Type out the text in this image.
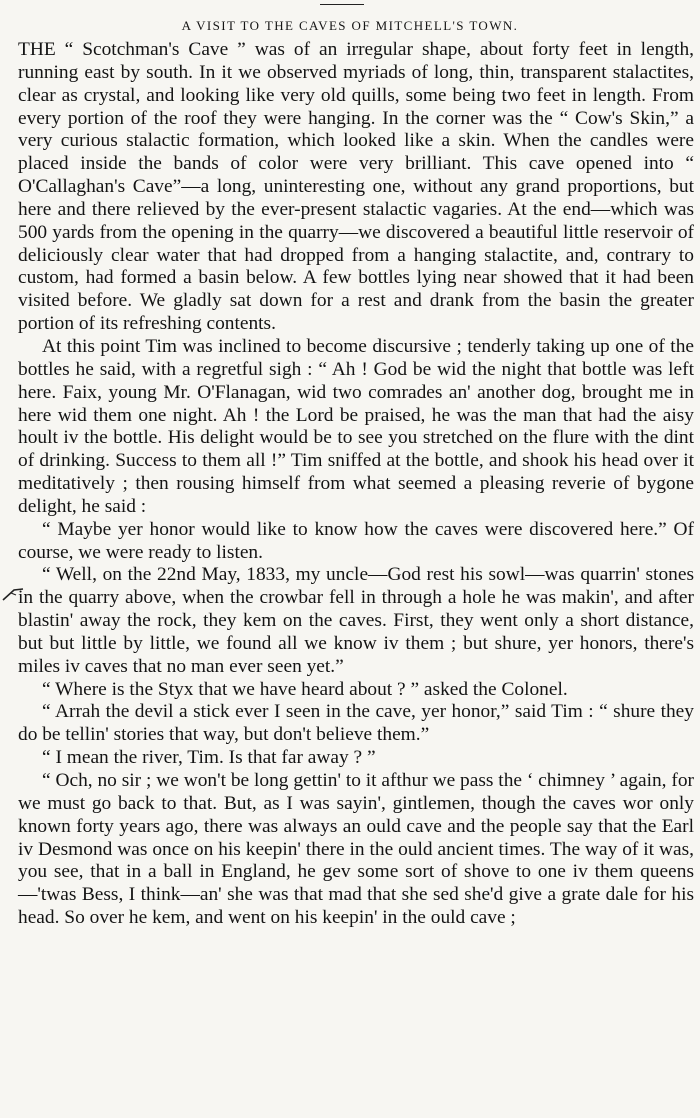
A VISIT TO THE CAVES OF MITCHELL'S TOWN.

THE “ Scotchman's Cave ” was of an irregular shape, about forty feet in length, running east by south. In it we observed myriads of long, thin, transparent stalactites, clear as crystal, and looking like very old quills, some being two feet in length. From every portion of the roof they were hanging. In the corner was the “ Cow's Skin,” a very curious stalactic formation, which looked like a skin. When the candles were placed inside the bands of color were very brilliant. This cave opened into “ O'Callaghan's Cave”—a long, uninteresting one, without any grand proportions, but here and there relieved by the ever-present stalactic vagaries. At the end—which was 500 yards from the opening in the quarry—we discovered a beautiful little reservoir of deliciously clear water that had dropped from a hanging stalactite, and, contrary to custom, had formed a basin below. A few bottles lying near showed that it had been visited before. We gladly sat down for a rest and drank from the basin the greater portion of its refreshing contents.

At this point Tim was inclined to become discursive ; tenderly taking up one of the bottles he said, with a regretful sigh : “ Ah ! God be wid the night that bottle was left here. Faix, young Mr. O'Flanagan, wid two comrades an' another dog, brought me in here wid them one night. Ah ! the Lord be praised, he was the man that had the aisy hoult iv the bottle. His delight would be to see you stretched on the flure with the dint of drinking. Success to them all !” Tim sniffed at the bottle, and shook his head over it meditatively ; then rousing himself from what seemed a pleasing reverie of bygone delight, he said :

“ Maybe yer honor would like to know how the caves were discovered here.” Of course, we were ready to listen.

“ Well, on the 22nd May, 1833, my uncle—God rest his sowl—was quarrin' stones in the quarry above, when the crowbar fell in through a hole he was makin', and after blastin' away the rock, they kem on the caves. First, they went only a short distance, but but little by little, we found all we know iv them ; but shure, yer honors, there's miles iv caves that no man ever seen yet.”

“ Where is the Styx that we have heard about ? ” asked the Colonel.

“ Arrah the devil a stick ever I seen in the cave, yer honor,” said Tim : “ shure they do be tellin' stories that way, but don't believe them.”

“ I mean the river, Tim. Is that far away ? ”

“ Och, no sir ; we won't be long gettin' to it afthur we pass the ‘ chimney ’ again, for we must go back to that. But, as I was sayin', gintlemen, though the caves wor only known forty years ago, there was always an ould cave and the people say that the Earl iv Desmond was once on his keepin' there in the ould ancient times. The way of it was, you see, that in a ball in England, he gev some sort of shove to one iv them queens—'twas Bess, I think—an' she was that mad that she sed she'd give a grate dale for his head. So over he kem, and went on his keepin' in the ould cave ;
